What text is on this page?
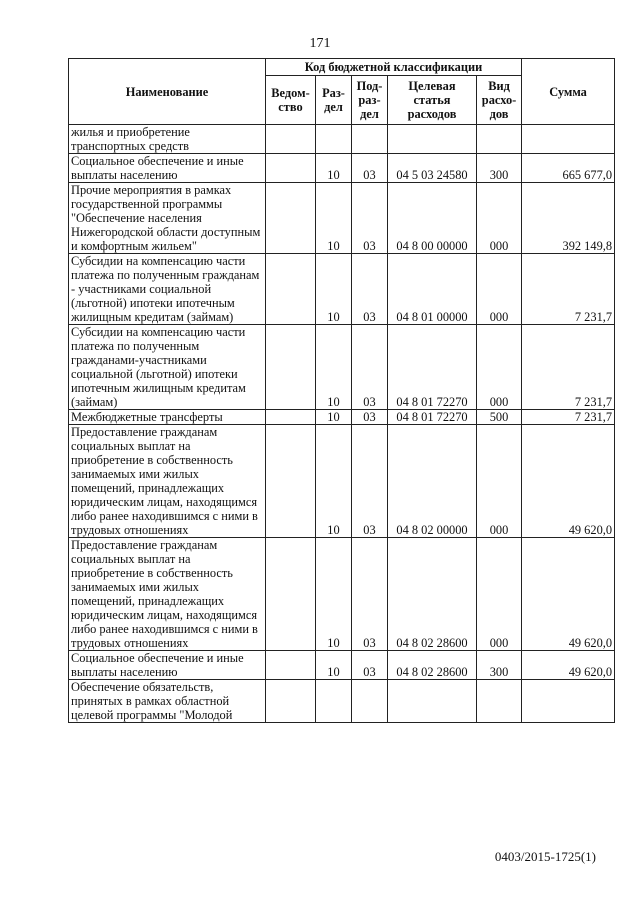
171
Наименование	Код бюджетной классификации					Сумма
	Ведом-ство	Раз-дел	Под-раз-дел	Целевая статья расходов	Вид расхо-дов	
жилья и приобретение транспортных средств						
Социальное обеспечение и иные выплаты населению		10	03	04 5 03 24580	300	665 677,0
Прочие мероприятия в рамках государственной программы "Обеспечение населения Нижегородской области доступным и комфортным жильем"		10	03	04 8 00 00000	000	392 149,8
Субсидии на компенсацию части платежа по полученным гражданам - участниками социальной (льготной) ипотеки ипотечным жилищным кредитам (займам)		10	03	04 8 01 00000	000	7 231,7
Субсидии на компенсацию части платежа по полученным гражданами-участниками социальной (льготной) ипотеки ипотечным жилищным кредитам (займам)		10	03	04 8 01 72270	000	7 231,7
Межбюджетные трансферты		10	03	04 8 01 72270	500	7 231,7
Предоставление гражданам социальных выплат на приобретение в собственность занимаемых ими жилых помещений, принадлежащих юридическим лицам, находящимся либо ранее находившимся с ними в трудовых отношениях		10	03	04 8 02 00000	000	49 620,0
Предоставление гражданам социальных выплат на приобретение в собственность занимаемых ими жилых помещений, принадлежащих юридическим лицам, находящимся либо ранее находившимся с ними в трудовых отношениях		10	03	04 8 02 28600	000	49 620,0
Социальное обеспечение и иные выплаты населению		10	03	04 8 02 28600	300	49 620,0
Обеспечение обязательств, принятых в рамках областной целевой программы "Молодой						
0403/2015-1725(1)
